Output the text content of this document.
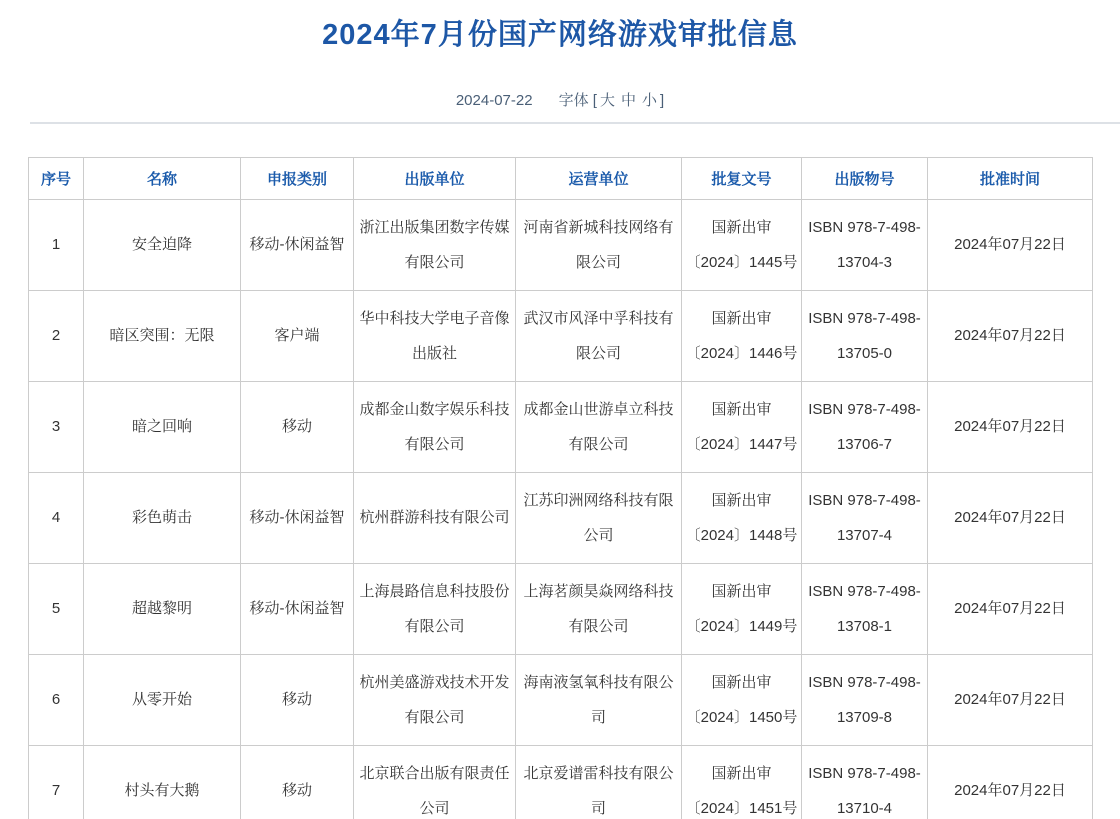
2024年7月份国产网络游戏审批信息
2024-07-22 字体 [ 大 中 小 ]
序号	名称	申报类别	出版单位	运营单位	批复文号	出版物号	批准时间
1	安全迫降	移动-休闲益智	浙江出版集团数字传媒有限公司	河南省新城科技网络有限公司	国新出审〔2024〕1445号	ISBN 978-7-498-13704-3	2024年07月22日
2	暗区突围：无限	客户端	华中科技大学电子音像出版社	武汉市风泽中孚科技有限公司	国新出审〔2024〕1446号	ISBN 978-7-498-13705-0	2024年07月22日
3	暗之回响	移动	成都金山数字娱乐科技有限公司	成都金山世游卓立科技有限公司	国新出审〔2024〕1447号	ISBN 978-7-498-13706-7	2024年07月22日
4	彩色萌击	移动-休闲益智	杭州群游科技有限公司	江苏印洲网络科技有限公司	国新出审〔2024〕1448号	ISBN 978-7-498-13707-4	2024年07月22日
5	超越黎明	移动-休闲益智	上海晨路信息科技股份有限公司	上海茗颜昊焱网络科技有限公司	国新出审〔2024〕1449号	ISBN 978-7-498-13708-1	2024年07月22日
6	从零开始	移动	杭州美盛游戏技术开发有限公司	海南液氢氧科技有限公司	国新出审〔2024〕1450号	ISBN 978-7-498-13709-8	2024年07月22日
7	村头有大鹅	移动	北京联合出版有限责任公司	北京爱谱雷科技有限公司	国新出审〔2024〕1451号	ISBN 978-7-498-13710-4	2024年07月22日
